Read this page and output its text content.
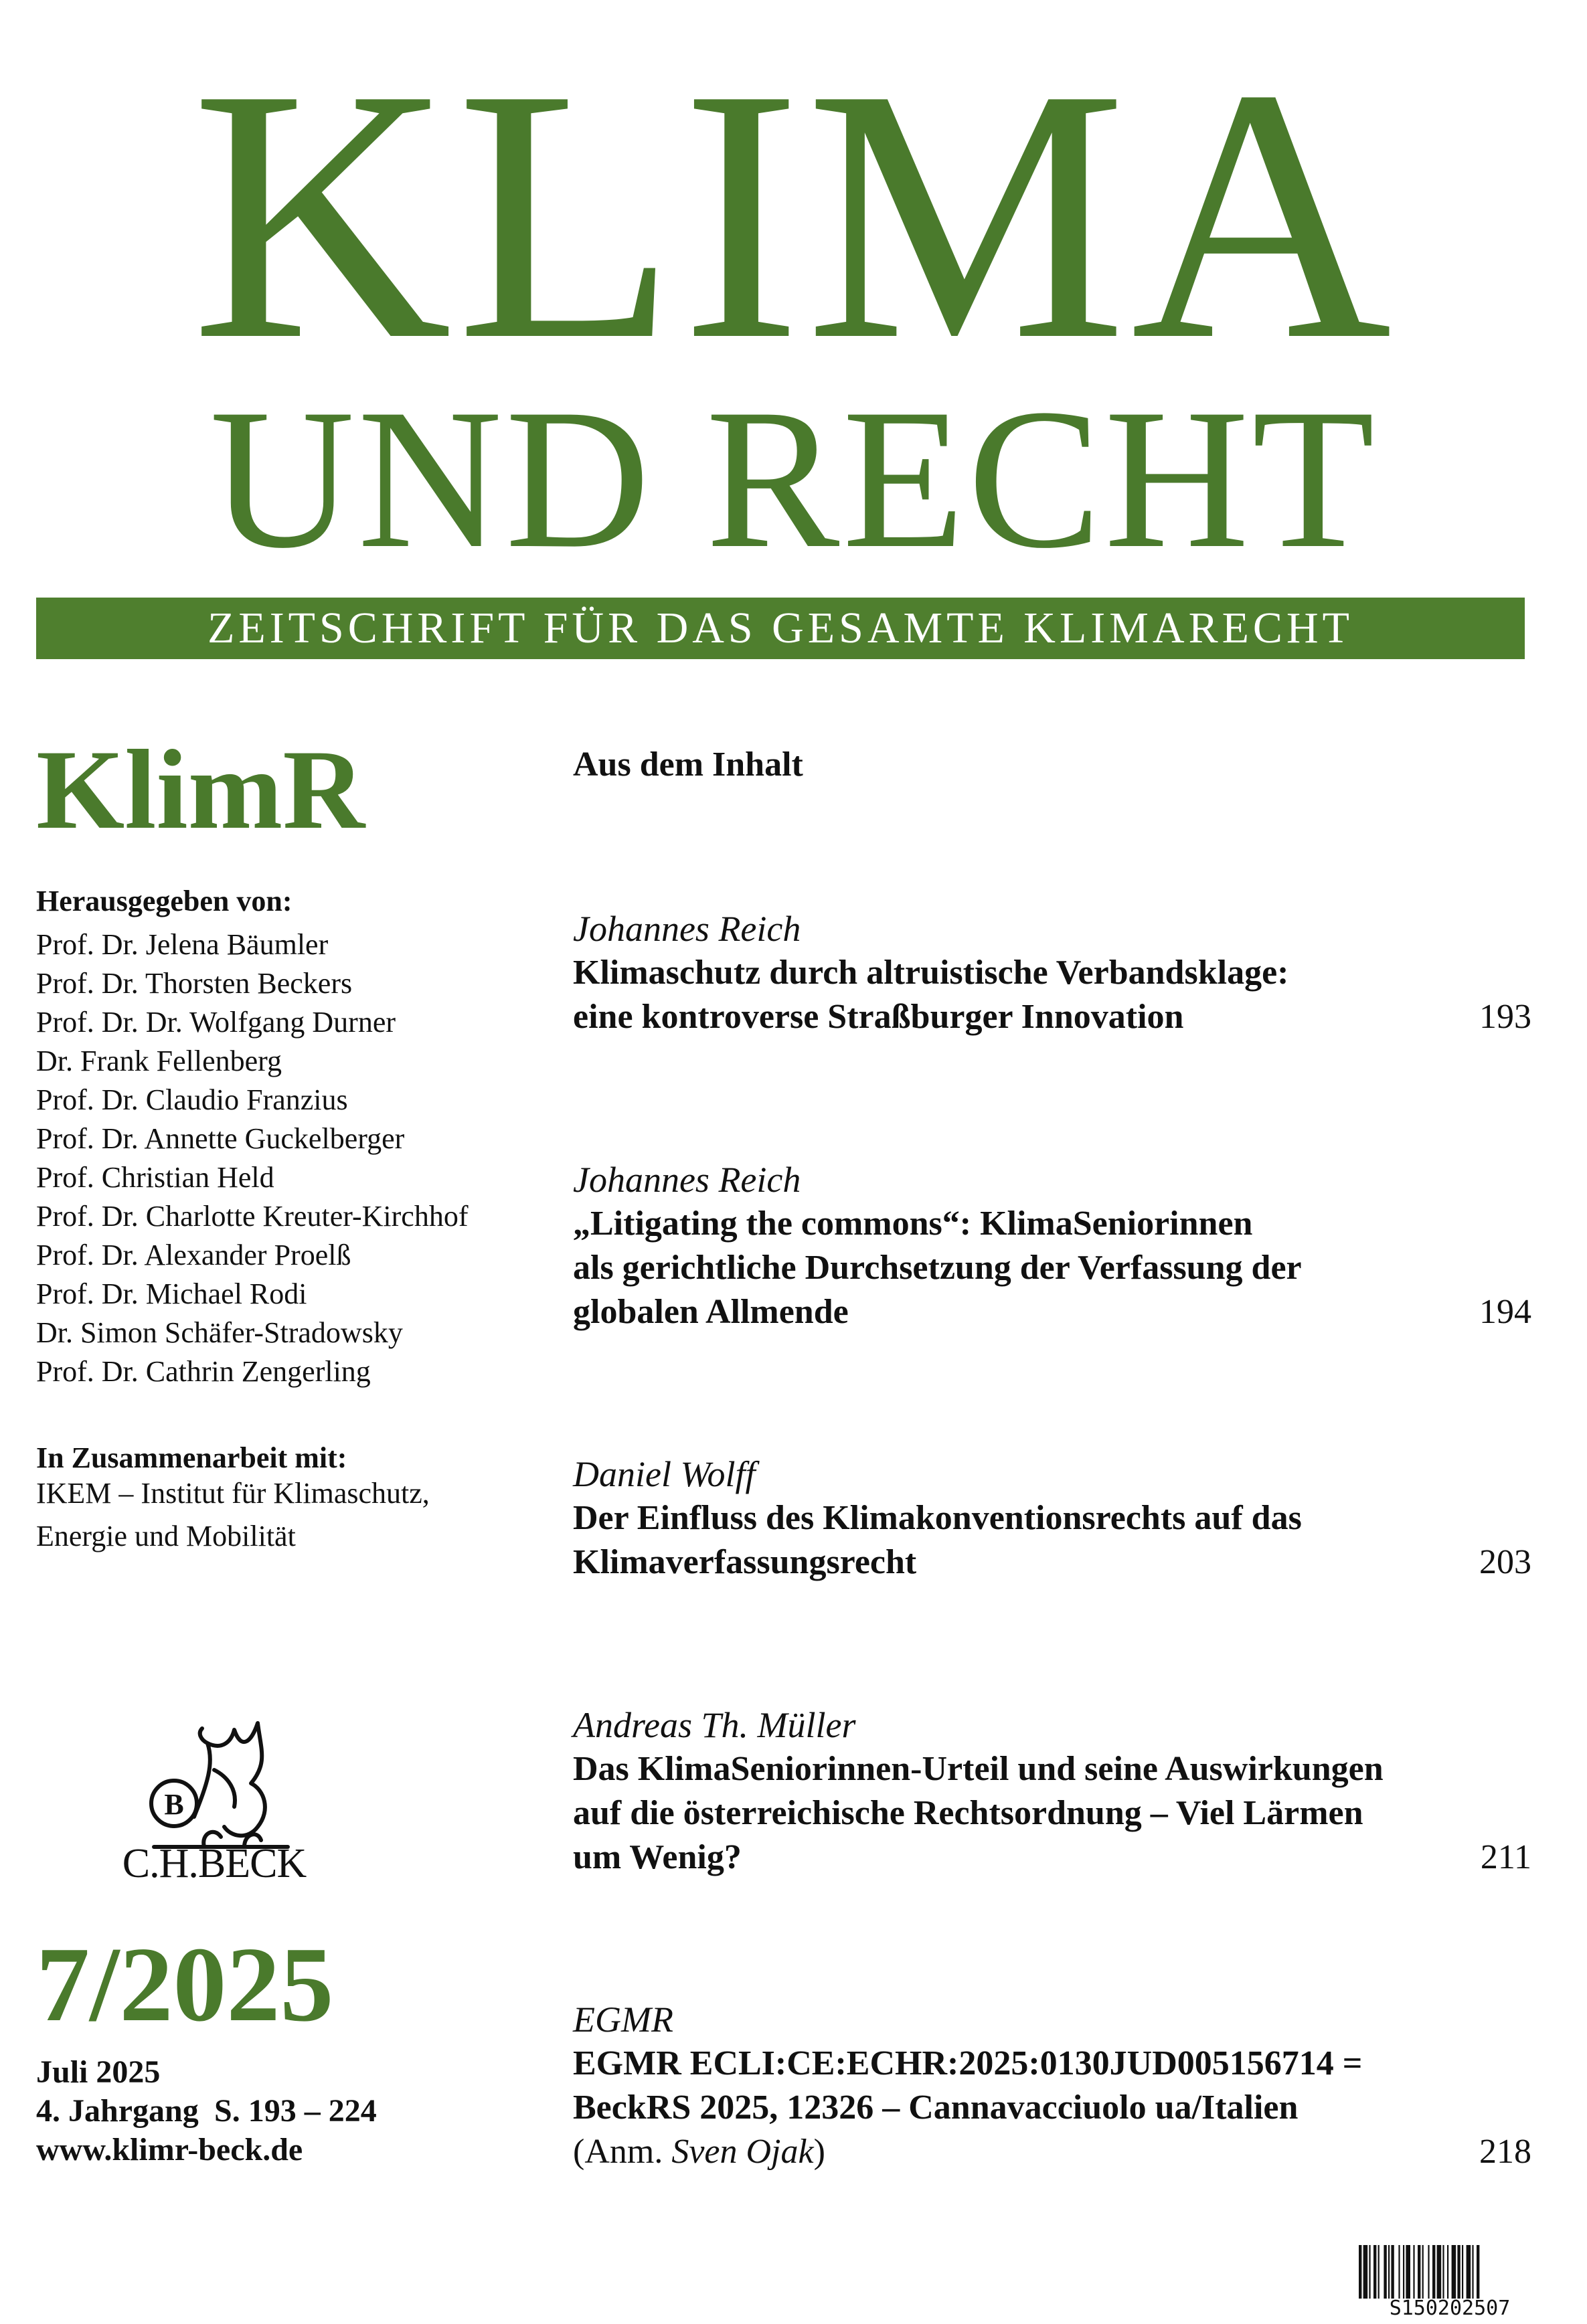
KLIMA
UND RECHT
ZEITSCHRIFT FÜR DAS GESAMTE KLIMARECHT
KlimR
Herausgegeben von:
Prof. Dr. Jelena Bäumler
Prof. Dr. Thorsten Beckers
Prof. Dr. Dr. Wolfgang Durner
Dr. Frank Fellenberg
Prof. Dr. Claudio Franzius
Prof. Dr. Annette Guckelberger
Prof. Christian Held
Prof. Dr. Charlotte Kreuter-Kirchhof
Prof. Dr. Alexander Proelß
Prof. Dr. Michael Rodi
Dr. Simon Schäfer-Stradowsky
Prof. Dr. Cathrin Zengerling
In Zusammenarbeit mit:
IKEM – Institut für Klimaschutz,
Energie und Mobilität
B
C.H.BECK
7/2025
Juli 2025
4. Jahrgang S. 193 – 224
www.klimr-beck.de
Aus dem Inhalt
Johannes Reich
Klimaschutz durch altruistische Verbandsklage:
eine kontroverse Straßburger Innovation	193
Johannes Reich
„Litigating the commons“: KlimaSeniorinnen
als gerichtliche Durchsetzung der Verfassung der
globalen Allmende	194
Daniel Wolff
Der Einfluss des Klimakonventionsrechts auf das
Klimaverfassungsrecht	203
Andreas Th. Müller
Das KlimaSeniorinnen-Urteil und seine Auswirkungen
auf die österreichische Rechtsordnung – Viel Lärmen
um Wenig?	211
EGMR
EGMR ECLI:CE:ECHR:2025:0130JUD005156714 =
BeckRS 2025, 12326 – Cannavacciuolo ua/Italien
(Anm. Sven Ojak)	218
S150202507
